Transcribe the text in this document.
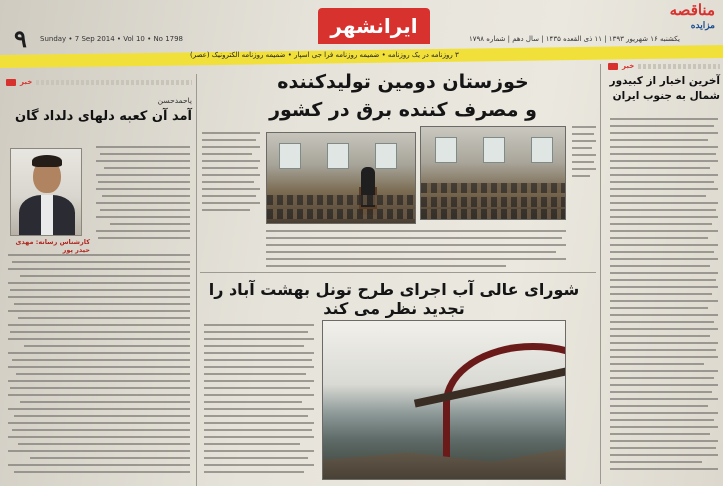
۹	ایرانشهر
مناقصه
مزایده
یکشنبه ۱۶ شهریور ۱۳۹۳ | ۱۱ ذی القعده ۱۴۳۵ | سال دهم | شماره ۱۷۹۸
Sunday • 7 Sep 2014 • Vol 10 • No 1798
۳ روزنامه در یک روزنامه • ضمیمه روزنامه فرا جی اسپار • ضمیمه روزنامه الکترونیک (عصر)
خبر
یاحمدحسن
آمد آن کعبه دلهای دلداد گان
کارشناس رسانه: مهدی حیدر پور
خوزستان دومین تولیدکننده
و مصرف کننده برق در کشور
شورای عالی آب اجرای طرح تونل بهشت آباد را تجدید نظر می کند
خبر
آخرین اخبار از کبیدور شمال به جنوب ایران
